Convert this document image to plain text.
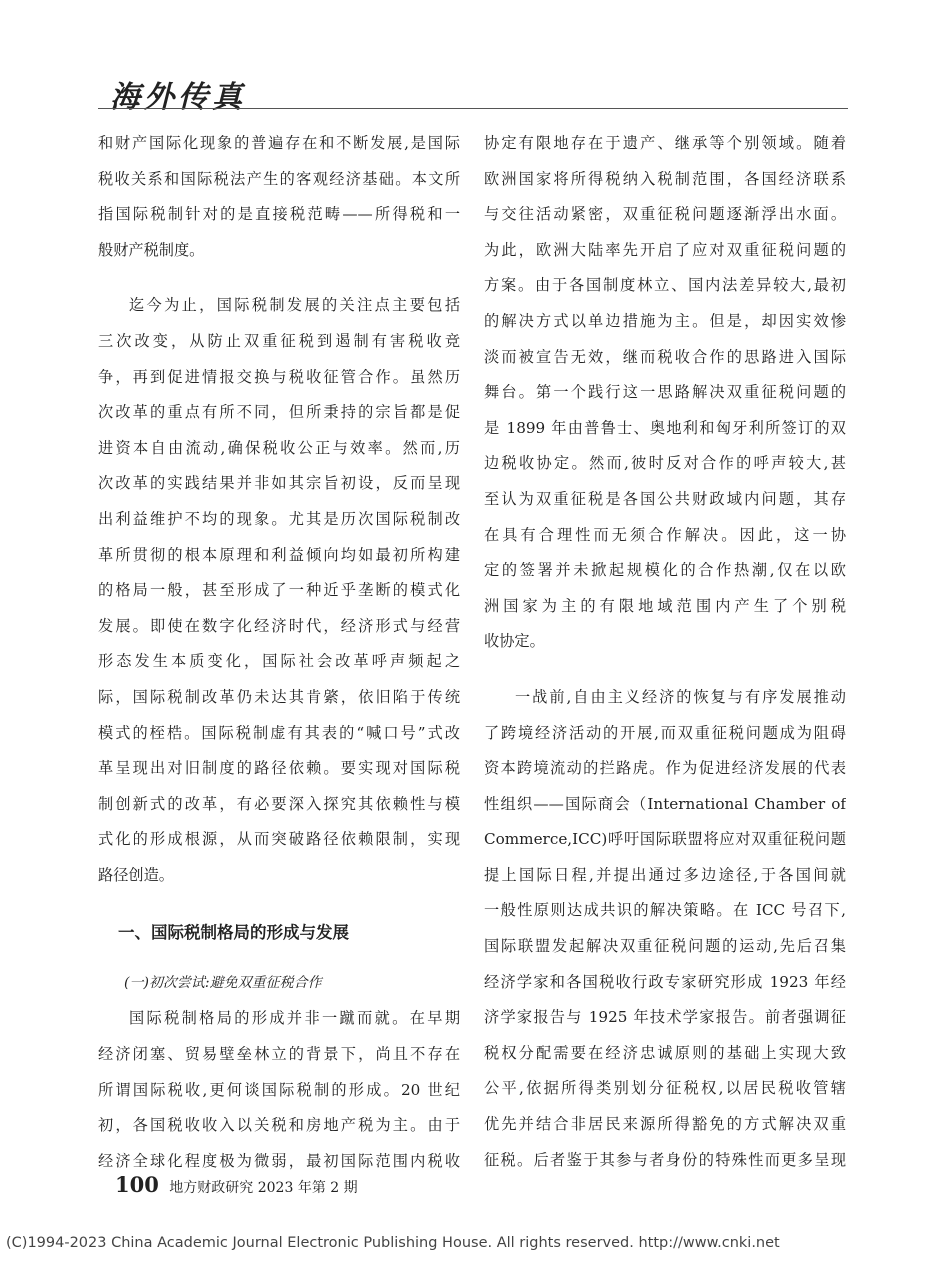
海外传真
和财产国际化现象的普遍存在和不断发展,是国际
税收关系和国际税法产生的客观经济基础。本文所
指国际税制针对的是直接税范畴——所得税和一
般财产税制度。
迄今为止，国际税制发展的关注点主要包括
三次改变，从防止双重征税到遏制有害税收竞
争，再到促进情报交换与税收征管合作。虽然历
次改革的重点有所不同，但所秉持的宗旨都是促
进资本自由流动,确保税收公正与效率。然而,历
次改革的实践结果并非如其宗旨初设，反而呈现
出利益维护不均的现象。尤其是历次国际税制改
革所贯彻的根本原理和利益倾向均如最初所构建
的格局一般，甚至形成了一种近乎垄断的模式化
发展。即使在数字化经济时代，经济形式与经营
形态发生本质变化，国际社会改革呼声频起之
际，国际税制改革仍未达其肯綮，依旧陷于传统
模式的桎梏。国际税制虚有其表的“喊口号”式改
革呈现出对旧制度的路径依赖。要实现对国际税
制创新式的改革，有必要深入探究其依赖性与模
式化的形成根源，从而突破路径依赖限制，实现
路径创造。
一、国际税制格局的形成与发展
(一)初次尝试:避免双重征税合作
国际税制格局的形成并非一蹴而就。在早期
经济闭塞、贸易壁垒林立的背景下，尚且不存在
所谓国际税收,更何谈国际税制的形成。20 世纪
初，各国税收收入以关税和房地产税为主。由于
经济全球化程度极为微弱，最初国际范围内税收
协定有限地存在于遗产、继承等个别领域。随着
欧洲国家将所得税纳入税制范围，各国经济联系
与交往活动紧密，双重征税问题逐渐浮出水面。
为此，欧洲大陆率先开启了应对双重征税问题的
方案。由于各国制度林立、国内法差异较大,最初
的解决方式以单边措施为主。但是，却因实效惨
淡而被宣告无效，继而税收合作的思路进入国际
舞台。第一个践行这一思路解决双重征税问题的
是 1899 年由普鲁士、奥地利和匈牙利所签订的双
边税收协定。然而,彼时反对合作的呼声较大,甚
至认为双重征税是各国公共财政域内问题，其存
在具有合理性而无须合作解决。因此，这一协
定的签署并未掀起规模化的合作热潮,仅在以欧
洲国家为主的有限地域范围内产生了个别税
收协定。
一战前,自由主义经济的恢复与有序发展推动
了跨境经济活动的开展,而双重征税问题成为阻碍
资本跨境流动的拦路虎。作为促进经济发展的代表
性组织——国际商会（International Chamber of
Commerce,ICC)呼吁国际联盟将应对双重征税问题
提上国际日程,并提出通过多边途径,于各国间就
一般性原则达成共识的解决策略。在 ICC 号召下,
国际联盟发起解决双重征税问题的运动,先后召集
经济学家和各国税收行政专家研究形成 1923 年经
济学家报告与 1925 年技术学家报告。前者强调征
税权分配需要在经济忠诚原则的基础上实现大致
公平,依据所得类别划分征税权,以居民税收管辖
优先并结合非居民来源所得豁免的方式解决双重
征税。后者鉴于其参与者身份的特殊性而更多呈现
100 地方财政研究 2023 年第 2 期
(C)1994-2023 China Academic Journal Electronic Publishing House. All rights reserved. http://www.cnki.net
